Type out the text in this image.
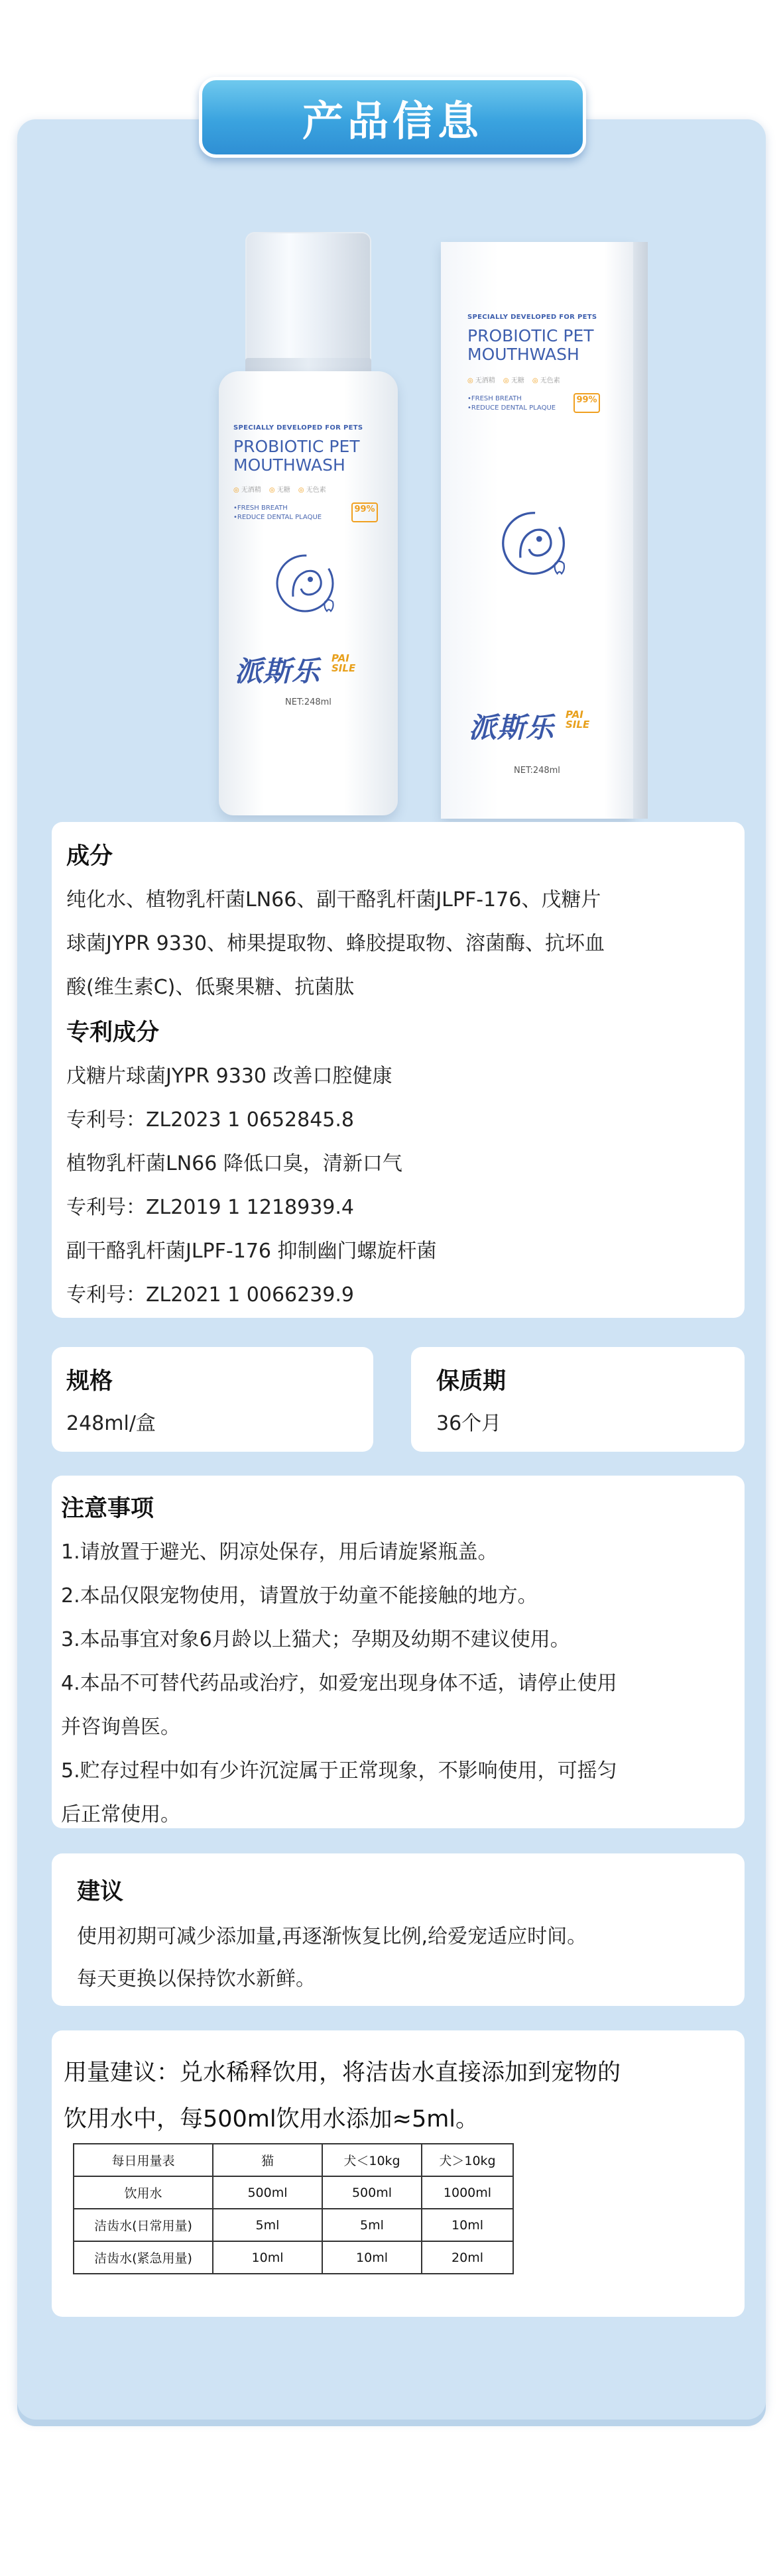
产品信息
SPECIALLY DEVELOPED FOR PETS
PROBIOTIC PET
MOUTHWASH
◎ 无酒精 ◎ 无糖 ◎ 无色素
•FRESH BREATH
•REDUCE DENTAL PLAQUE
99%
派斯乐 PAI
SILE
NET:248ml
SPECIALLY DEVELOPED FOR PETS
PROBIOTIC PET
MOUTHWASH
◎ 无酒精 ◎ 无糖 ◎ 无色素
•FRESH BREATH
•REDUCE DENTAL PLAQUE
99%
派斯乐 PAI
SILE
NET:248ml
成分

纯化水、植物乳杆菌LN66、副干酪乳杆菌JLPF-176、戊糖片

球菌JYPR 9330、柿果提取物、蜂胶提取物、溶菌酶、抗坏血

酸(维生素C)、低聚果糖、抗菌肽

专利成分

戊糖片球菌JYPR 9330 改善口腔健康

专利号：ZL2023 1 0652845.8

植物乳杆菌LN66 降低口臭，清新口气

专利号：ZL2019 1 1218939.4

副干酪乳杆菌JLPF-176 抑制幽门螺旋杆菌

专利号：ZL2021 1 0066239.9

规格

248ml/盒

保质期

36个月

注意事项

1.请放置于避光、阴凉处保存，用后请旋紧瓶盖。

2.本品仅限宠物使用，请置放于幼童不能接触的地方。

3.本品事宜对象6月龄以上猫犬；孕期及幼期不建议使用。

4.本品不可替代药品或治疗，如爱宠出现身体不适，请停止使用

并咨询兽医。

5.贮存过程中如有少许沉淀属于正常现象，不影响使用，可摇匀

后正常使用。

建议

使用初期可减少添加量,再逐渐恢复比例,给爱宠适应时间。

每天更换以保持饮水新鲜。

用量建议：兑水稀释饮用，将洁齿水直接添加到宠物的

饮用水中，每500ml饮用水添加≈5ml。

每日用量表	猫	犬＜10kg	犬＞10kg
饮用水	500ml	500ml	1000ml
洁齿水(日常用量)	5ml	5ml	10ml
洁齿水(紧急用量)	10ml	10ml	20ml
